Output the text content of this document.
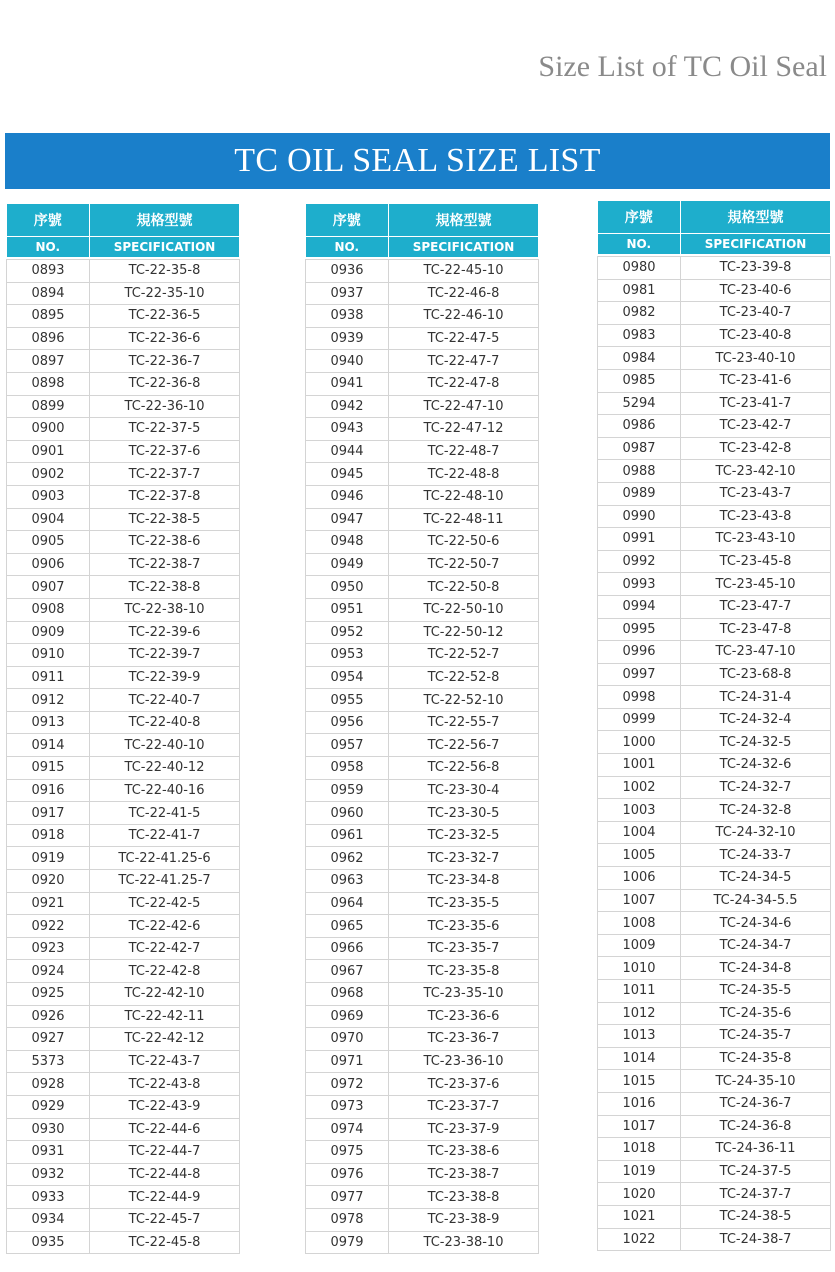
Size List of TC Oil Seal
TC OIL SEAL SIZE LIST
序號	規格型號
NO.	SPECIFICATION

0893	TC-22-35-8
0894	TC-22-35-10
0895	TC-22-36-5
0896	TC-22-36-6
0897	TC-22-36-7
0898	TC-22-36-8
0899	TC-22-36-10
0900	TC-22-37-5
0901	TC-22-37-6
0902	TC-22-37-7
0903	TC-22-37-8
0904	TC-22-38-5
0905	TC-22-38-6
0906	TC-22-38-7
0907	TC-22-38-8
0908	TC-22-38-10
0909	TC-22-39-6
0910	TC-22-39-7
0911	TC-22-39-9
0912	TC-22-40-7
0913	TC-22-40-8
0914	TC-22-40-10
0915	TC-22-40-12
0916	TC-22-40-16
0917	TC-22-41-5
0918	TC-22-41-7
0919	TC-22-41.25-6
0920	TC-22-41.25-7
0921	TC-22-42-5
0922	TC-22-42-6
0923	TC-22-42-7
0924	TC-22-42-8
0925	TC-22-42-10
0926	TC-22-42-11
0927	TC-22-42-12
5373	TC-22-43-7
0928	TC-22-43-8
0929	TC-22-43-9
0930	TC-22-44-6
0931	TC-22-44-7
0932	TC-22-44-8
0933	TC-22-44-9
0934	TC-22-45-7
0935	TC-22-45-8
序號	規格型號
NO.	SPECIFICATION

0936	TC-22-45-10
0937	TC-22-46-8
0938	TC-22-46-10
0939	TC-22-47-5
0940	TC-22-47-7
0941	TC-22-47-8
0942	TC-22-47-10
0943	TC-22-47-12
0944	TC-22-48-7
0945	TC-22-48-8
0946	TC-22-48-10
0947	TC-22-48-11
0948	TC-22-50-6
0949	TC-22-50-7
0950	TC-22-50-8
0951	TC-22-50-10
0952	TC-22-50-12
0953	TC-22-52-7
0954	TC-22-52-8
0955	TC-22-52-10
0956	TC-22-55-7
0957	TC-22-56-7
0958	TC-22-56-8
0959	TC-23-30-4
0960	TC-23-30-5
0961	TC-23-32-5
0962	TC-23-32-7
0963	TC-23-34-8
0964	TC-23-35-5
0965	TC-23-35-6
0966	TC-23-35-7
0967	TC-23-35-8
0968	TC-23-35-10
0969	TC-23-36-6
0970	TC-23-36-7
0971	TC-23-36-10
0972	TC-23-37-6
0973	TC-23-37-7
0974	TC-23-37-9
0975	TC-23-38-6
0976	TC-23-38-7
0977	TC-23-38-8
0978	TC-23-38-9
0979	TC-23-38-10
序號	規格型號
NO.	SPECIFICATION

0980	TC-23-39-8
0981	TC-23-40-6
0982	TC-23-40-7
0983	TC-23-40-8
0984	TC-23-40-10
0985	TC-23-41-6
5294	TC-23-41-7
0986	TC-23-42-7
0987	TC-23-42-8
0988	TC-23-42-10
0989	TC-23-43-7
0990	TC-23-43-8
0991	TC-23-43-10
0992	TC-23-45-8
0993	TC-23-45-10
0994	TC-23-47-7
0995	TC-23-47-8
0996	TC-23-47-10
0997	TC-23-68-8
0998	TC-24-31-4
0999	TC-24-32-4
1000	TC-24-32-5
1001	TC-24-32-6
1002	TC-24-32-7
1003	TC-24-32-8
1004	TC-24-32-10
1005	TC-24-33-7
1006	TC-24-34-5
1007	TC-24-34-5.5
1008	TC-24-34-6
1009	TC-24-34-7
1010	TC-24-34-8
1011	TC-24-35-5
1012	TC-24-35-6
1013	TC-24-35-7
1014	TC-24-35-8
1015	TC-24-35-10
1016	TC-24-36-7
1017	TC-24-36-8
1018	TC-24-36-11
1019	TC-24-37-5
1020	TC-24-37-7
1021	TC-24-38-5
1022	TC-24-38-7
